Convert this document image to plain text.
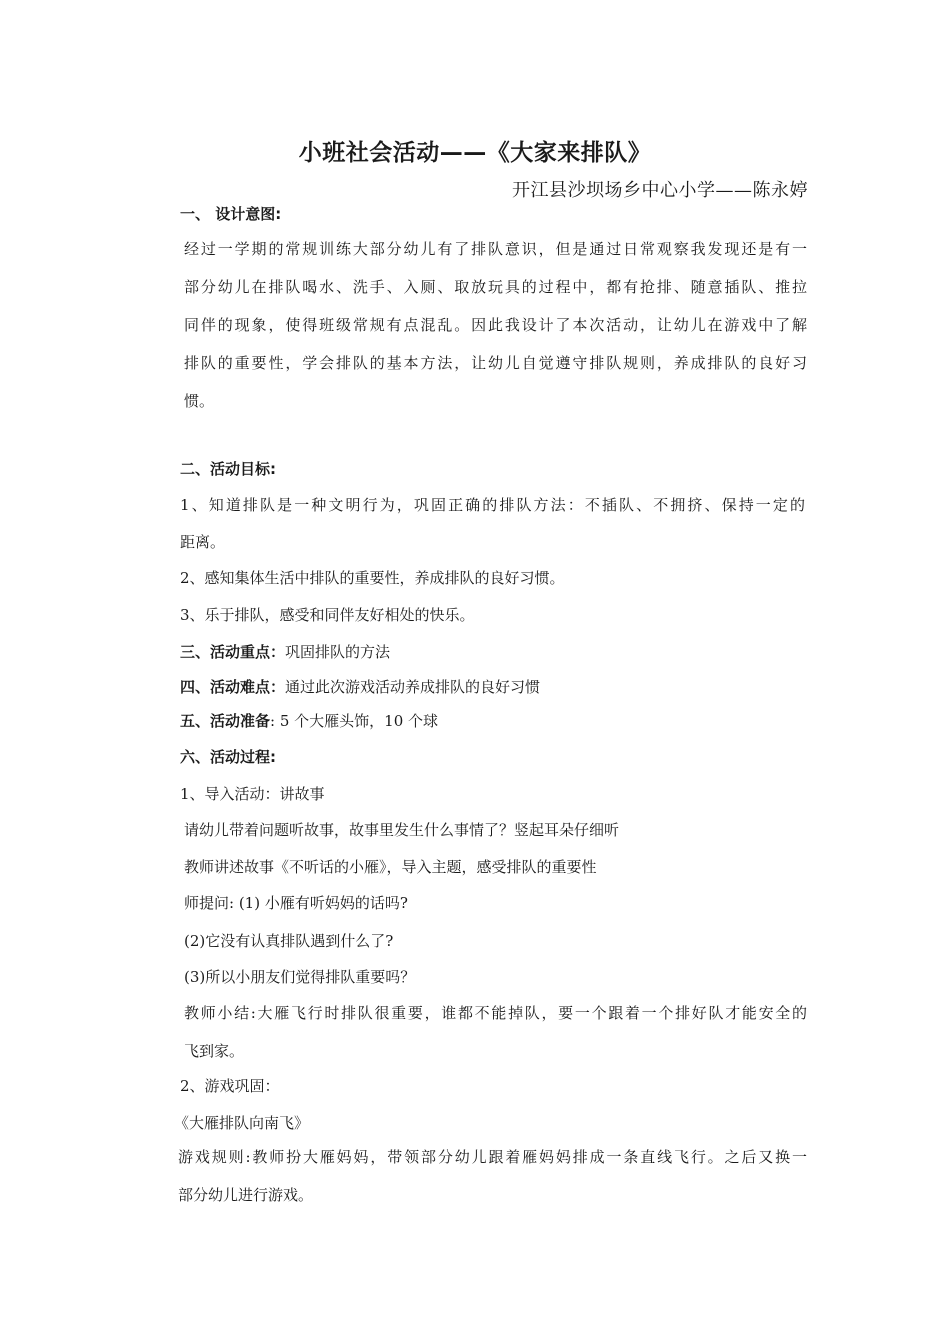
小班社会活动——《大家来排队》
开江县沙坝场乡中心小学——陈永婷
一、 设计意图:
经过一学期的常规训练大部分幼儿有了排队意识，但是通过日常观察我发现还是有一
部分幼儿在排队喝水、洗手、入厕、取放玩具的过程中，都有抢排、随意插队、推拉
同伴的现象，使得班级常规有点混乱。因此我设计了本次活动，让幼儿在游戏中了解
排队的重要性，学会排队的基本方法，让幼儿自觉遵守排队规则，养成排队的良好习
惯。
二、活动目标:
1、知道排队是一种文明行为，巩固正确的排队方法：不插队、不拥挤、保持一定的
距离。
2、感知集体生活中排队的重要性，养成排队的良好习惯。
3、乐于排队，感受和同伴友好相处的快乐。
三、活动重点：巩固排队的方法
四、活动难点：通过此次游戏活动养成排队的良好习惯
五、活动准备: 5 个大雁头饰，10 个球
六、活动过程:
1、导入活动：讲故事
请幼儿带着问题听故事，故事里发生什么事情了？竖起耳朵仔细听
教师讲述故事《不听话的小雁》，导入主题，感受排队的重要性
师提问: (1) 小雁有听妈妈的话吗?
(2)它没有认真排队遇到什么了?
(3)所以小朋友们觉得排队重要吗？
教师小结:大雁飞行时排队很重要，谁都不能掉队，要一个跟着一个排好队才能安全的
飞到家。
2、游戏巩固：
《大雁排队向南飞》
游戏规则:教师扮大雁妈妈，带领部分幼儿跟着雁妈妈排成一条直线飞行。之后又换一
部分幼儿进行游戏。
